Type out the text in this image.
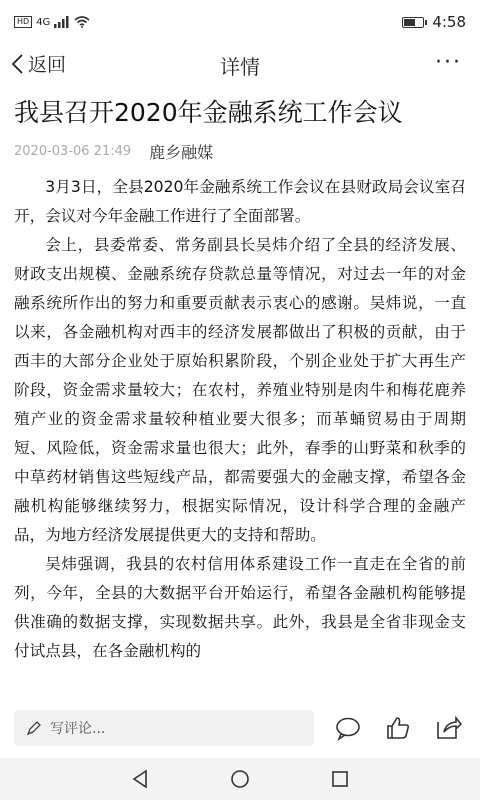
HD 4G	4:58
返回	详情	···
我县召开2020年金融系统工作会议
2020-03-06 21:49 鹿乡融媒

3月3日，全县2020年金融系统工作会议在县财政局会议室召开，会议对今年金融工作进行了全面部署。

会上，县委常委、常务副县长吴炜介绍了全县的经济发展、财政支出规模、金融系统存贷款总量等情况，对过去一年的对金融系统所作出的努力和重要贡献表示衷心的感谢。吴炜说，一直以来，各金融机构对西丰的经济发展都做出了积极的贡献，由于西丰的大部分企业处于原始积累阶段，个别企业处于扩大再生产阶段，资金需求量较大；在农村，养殖业特别是肉牛和梅花鹿养殖产业的资金需求量较种植业要大很多；而革蛹贸易由于周期短、风险低，资金需求量也很大；此外，春季的山野菜和秋季的中草药材销售这些短线产品，都需要强大的金融支撑，希望各金融机构能够继续努力，根据实际情况，设计科学合理的金融产品，为地方经济发展提供更大的支持和帮助。

吴炜强调，我县的农村信用体系建设工作一直走在全省的前列，今年，全县的大数据平台开始运行，希望各金融机构能够提供准确的数据支撑，实现数据共享。此外，我县是全省非现金支付试点县，在各金融机构的

写评论...
